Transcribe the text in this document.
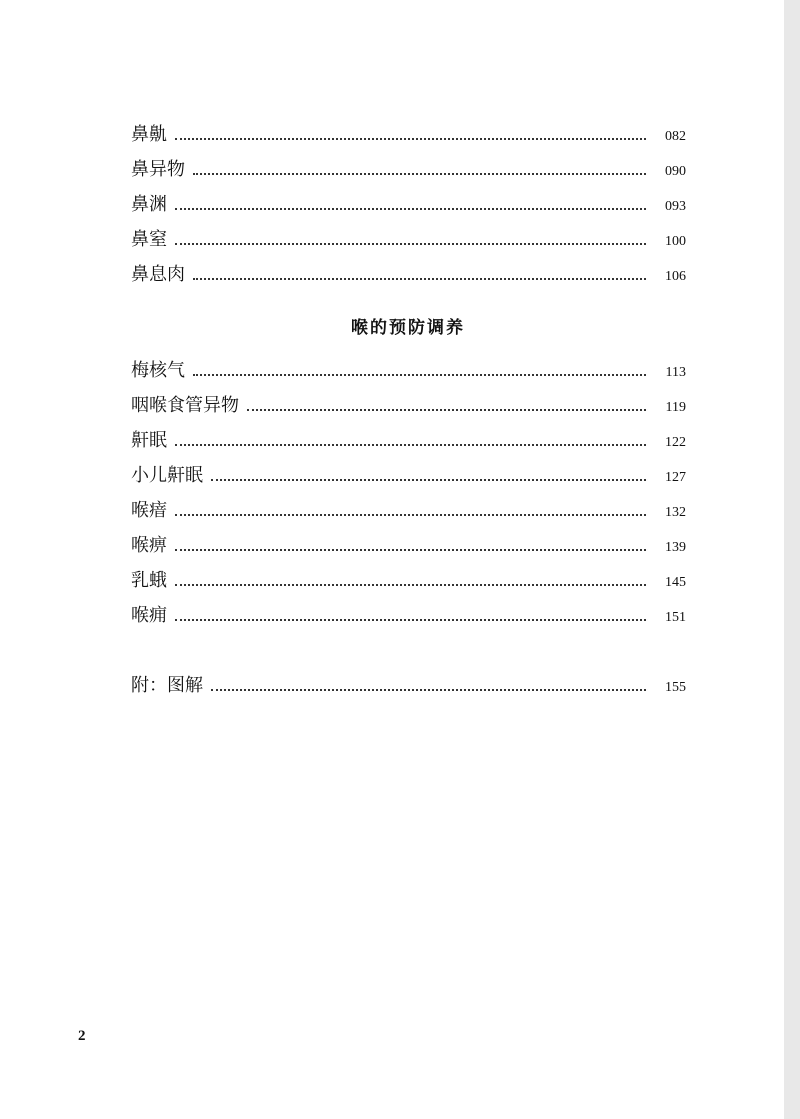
鼻鼽	082
鼻异物	090
鼻渊	093
鼻窒	100
鼻息肉	106
喉的预防调养
梅核气	113
咽喉食管异物	119
鼾眠	122
小儿鼾眠	127
喉瘖	132
喉痹	139
乳蛾	145
喉痈	151
附：图解	155
2
